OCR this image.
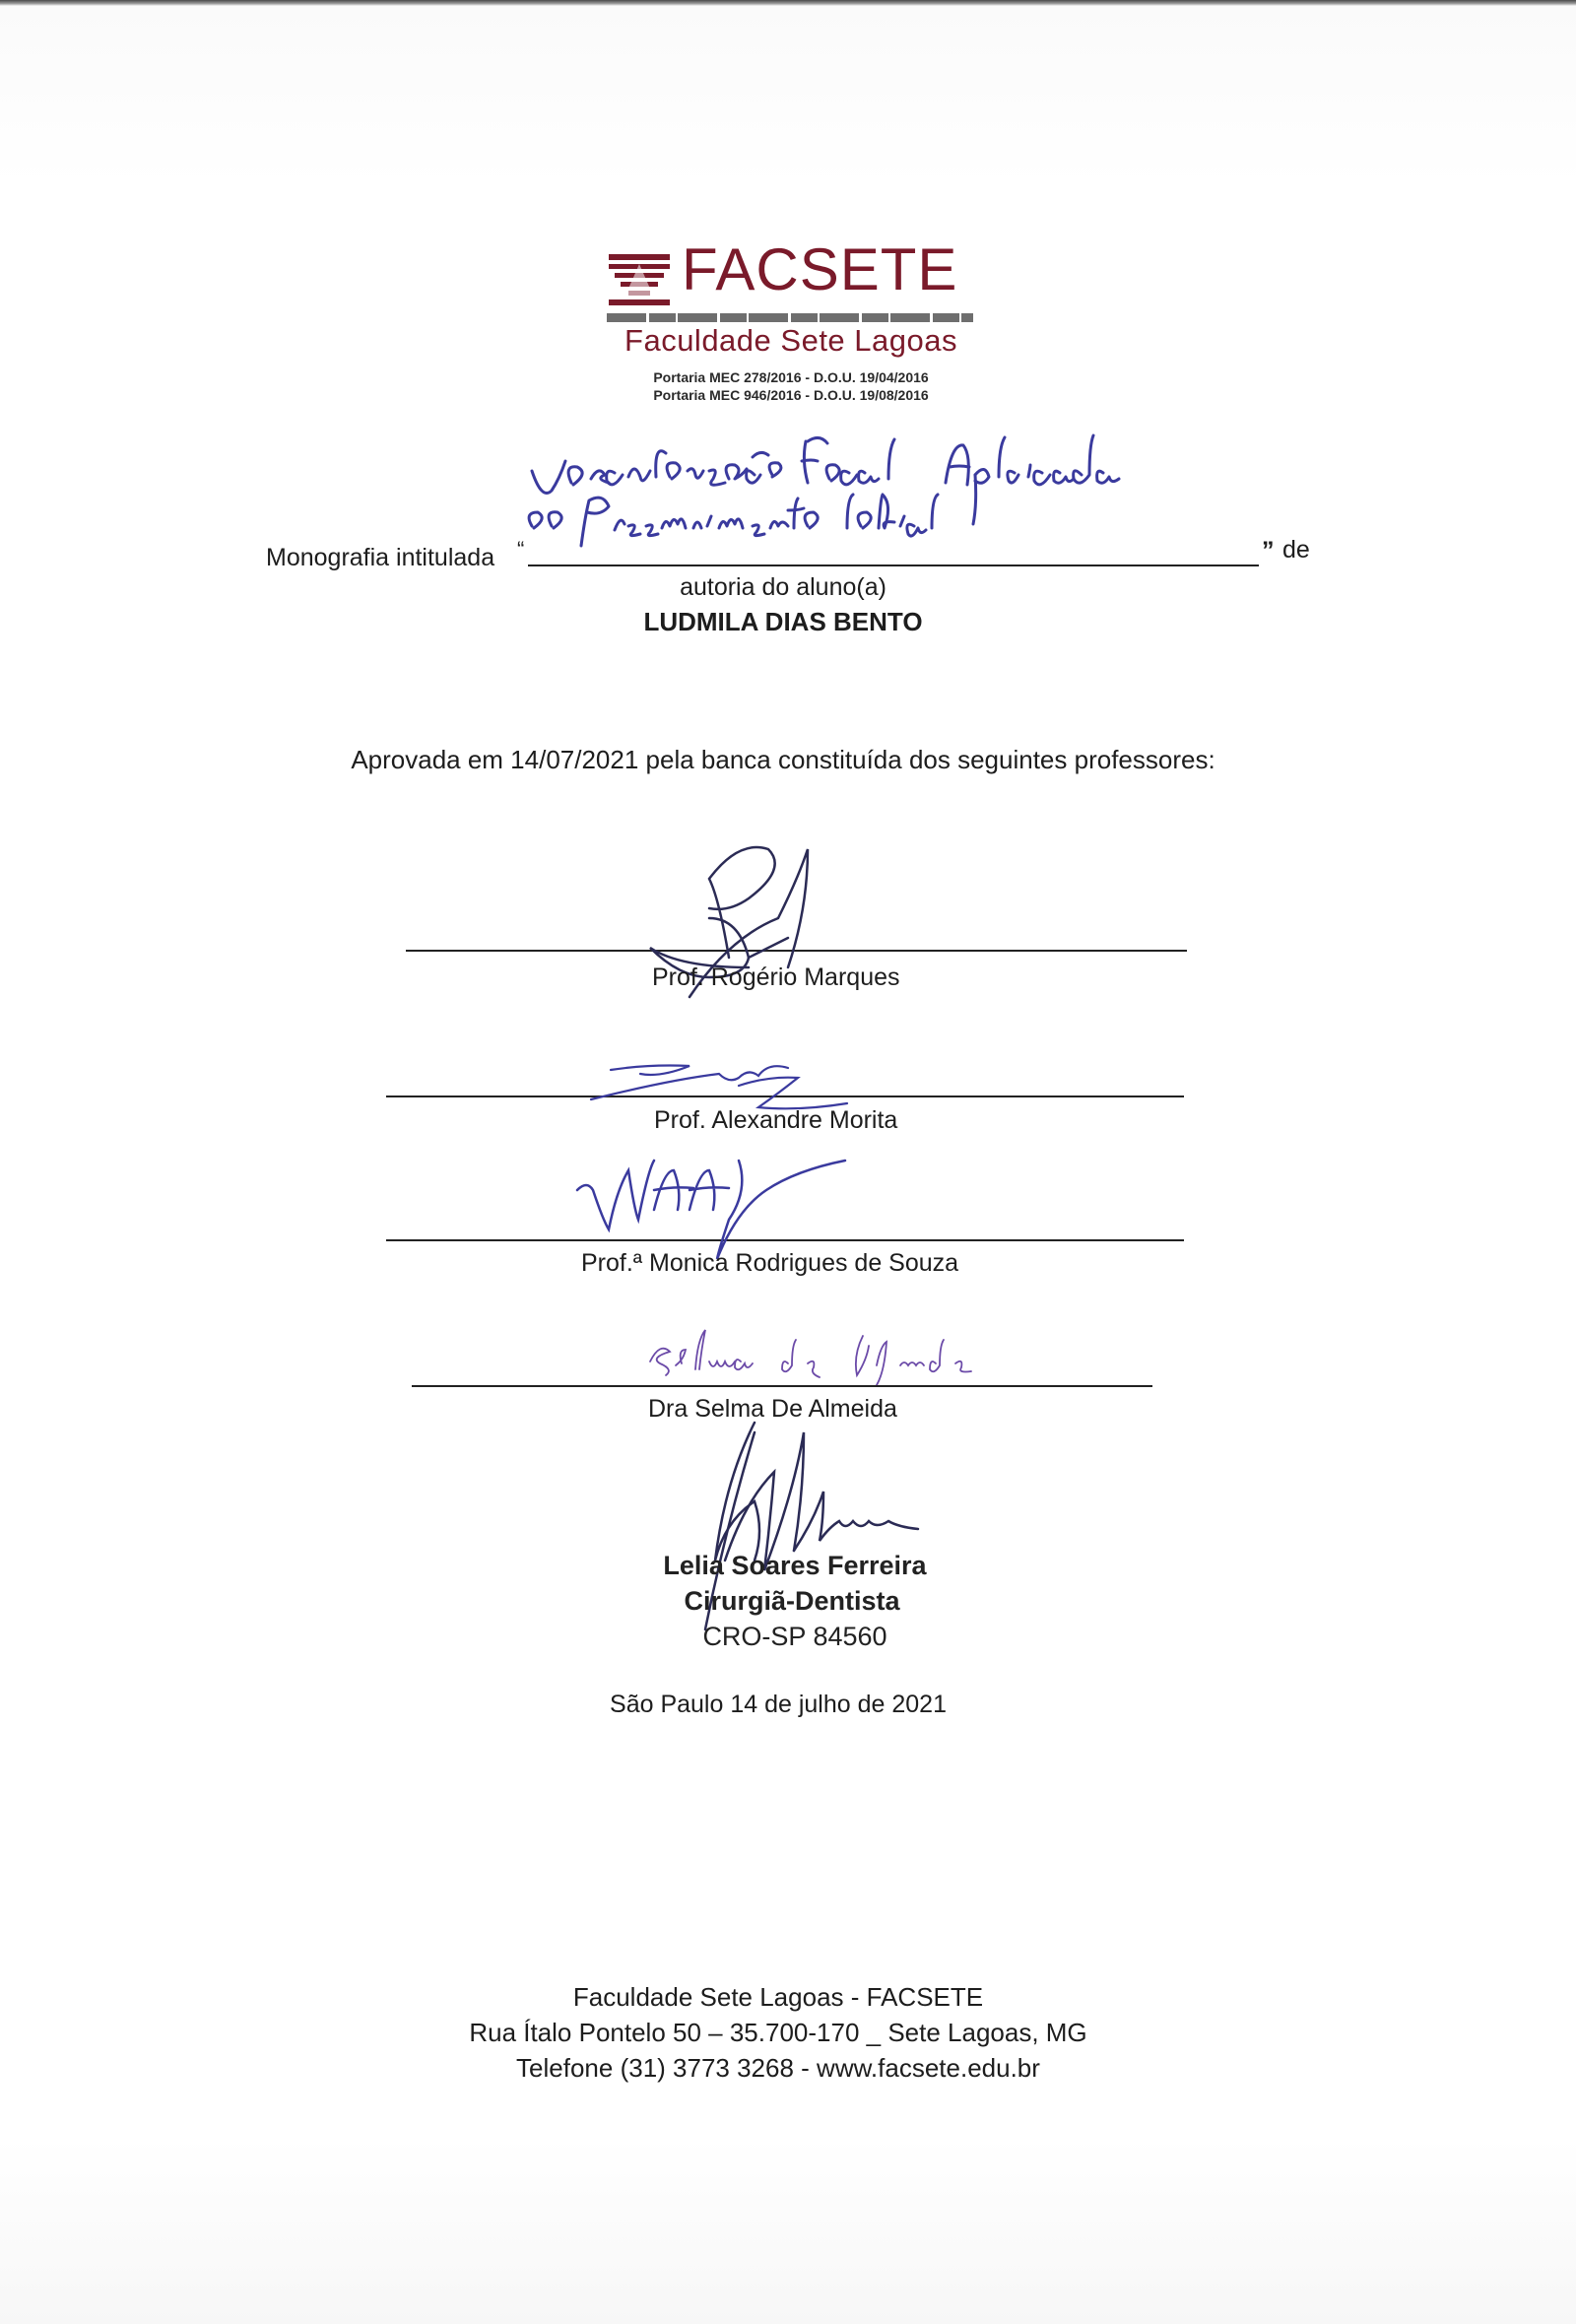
FACSETE
Faculdade Sete Lagoas
Portaria MEC 278/2016 - D.O.U. 19/04/2016
Portaria MEC 946/2016 - D.O.U. 19/08/2016
Monografia intitulada “	” de
autoria do aluno(a)
LUDMILA DIAS BENTO
Aprovada em 14/07/2021 pela banca constituída dos seguintes professores:
Prof. Rogério Marques
Prof. Alexandre Morita
Prof.ª Monica Rodrigues de Souza
Dra Selma De Almeida
Lelia Soares Ferreira
Cirurgiã-Dentista
CRO-SP 84560
São Paulo 14 de julho de 2021
Faculdade Sete Lagoas - FACSETE
Rua Ítalo Pontelo 50 – 35.700-170 _ Sete Lagoas, MG
Telefone (31) 3773 3268 - www.facsete.edu.br
